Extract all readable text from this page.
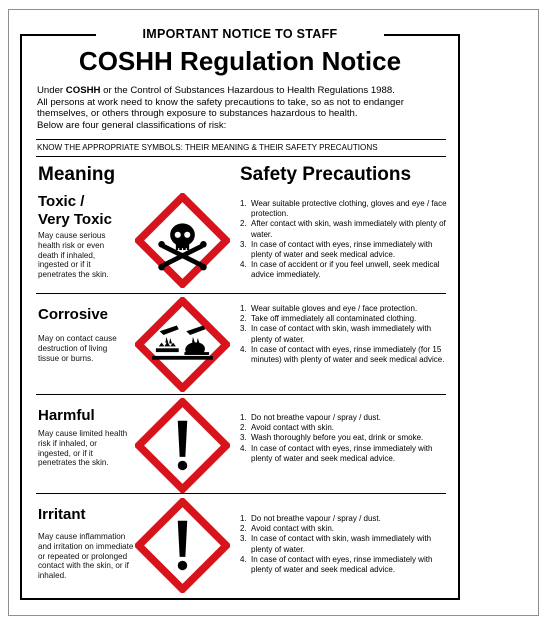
IMPORTANT NOTICE TO STAFF
COSHH Regulation Notice

Under COSHH or the Control of Substances Hazardous to Health Regulations 1988.

All persons at work need to know the safety precautions to take, so as not to endanger themselves, or others through exposure to substances hazardous to health.

Below are four general classifications of risk:

KNOW THE APPROPRIATE SYMBOLS: THEIR MEANING & THEIR SAFETY PRECAUTIONS
Meaning	Safety Precautions
Toxic /
Very Toxic
May cause serious health risk or even death if inhaled, ingested or if it penetrates the skin.
1. Wear suitable protective clothing, gloves and eye / face protection.
2. After contact with skin, wash immediately with plenty of water.
3. In case of contact with eyes, rinse immediately with plenty of water and seek medical advice.
4. In case of accident or if you feel unwell, seek medical advice immediately.
Corrosive
May on contact cause destruction of living tissue or burns.
1. Wear suitable gloves and eye / face protection.
2. Take off immediately all contaminated clothing.
3. In case of contact with skin, wash immediately with plenty of water.
4. In case of contact with eyes, rinse immediately (for 15 minutes) with plenty of water and seek medical advice.
Harmful
May cause limited health risk if inhaled, or ingested, or if it penetrates the skin.
1. Do not breathe vapour / spray / dust.
2. Avoid contact with skin.
3. Wash thoroughly before you eat, drink or smoke.
4. In case of contact with eyes, rinse immediately with plenty of water and seek medical advice.
Irritant
May cause inflammation and irritation on immediate or repeated or prolonged contact with the skin, or if inhaled.
1. Do not breathe vapour / spray / dust.
2. Avoid contact with skin.
3. In case of contact with skin, wash immediately with plenty of water.
4. In case of contact with eyes, rinse immediately with plenty of water and seek medical advice.
